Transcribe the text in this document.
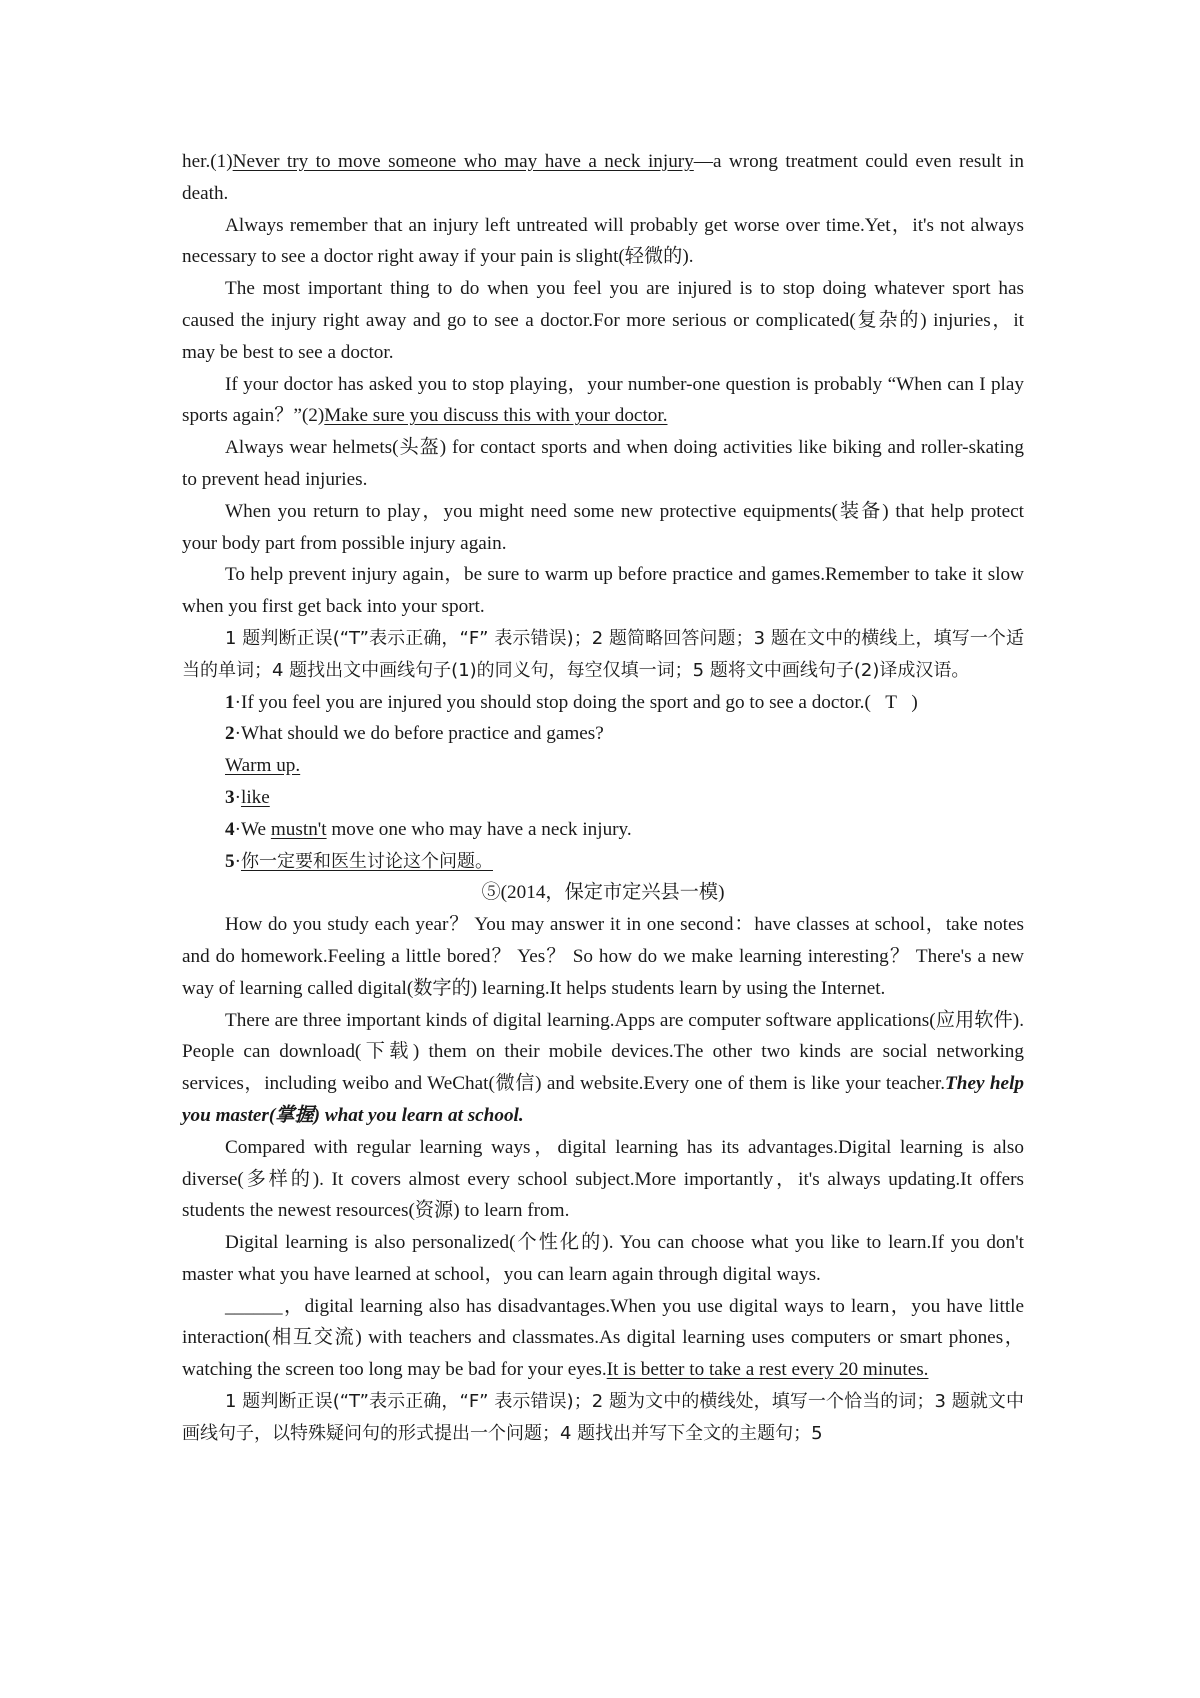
her.(1)Never try to move someone who may have a neck injury—a wrong treatment could even result in death.

Always remember that an injury left untreated will probably get worse over time.Yet，it's not always necessary to see a doctor right away if your pain is slight(轻微的).

The most important thing to do when you feel you are injured is to stop doing whatever sport has caused the injury right away and go to see a doctor.For more serious or complicated(复杂的) injuries，it may be best to see a doctor.

If your doctor has asked you to stop playing，your number-one question is probably “When can I play sports again？”(2)Make sure you discuss this with your doctor.

Always wear helmets(头盔) for contact sports and when doing activities like biking and roller-skating to prevent head injuries.

When you return to play，you might need some new protective equipments(装备) that help protect your body part from possible injury again.

To help prevent injury again，be sure to warm up before practice and games.Remember to take it slow when you first get back into your sport.

1 题判断正误(“T”表示正确，“F” 表示错误)；2 题简略回答问题；3 题在文中的横线上，填写一个适当的单词；4 题找出文中画线句子(1)的同义句，每空仅填一词；5 题将文中画线句子(2)译成汉语。

1·If you feel you are injured you should stop doing the sport and go to see a doctor.( T )

2·What should we do before practice and games?

Warm up.

3·like

4·We mustn't move one who may have a neck injury.

5·你一定要和医生讨论这个问题。

⑤(2014，保定市定兴县一模)

How do you study each year？ You may answer it in one second：have classes at school，take notes and do homework.Feeling a little bored？ Yes？ So how do we make learning interesting？ There's a new way of learning called digital(数字的) learning.It helps students learn by using the Internet.

There are three important kinds of digital learning.Apps are computer software applications(应用软件). People can download(下载) them on their mobile devices.The other two kinds are social networking services，including weibo and WeChat(微信) and website.Every one of them is like your teacher.They help you master(掌握) what you learn at school.

Compared with regular learning ways，digital learning has its advantages.Digital learning is also diverse(多样的). It covers almost every school subject.More importantly，it's always updating.It offers students the newest resources(资源) to learn from.

Digital learning is also personalized(个性化的). You can choose what you like to learn.If you don't master what you have learned at school，you can learn again through digital ways.

______，digital learning also has disadvantages.When you use digital ways to learn，you have little interaction(相互交流) with teachers and classmates.As digital learning uses computers or smart phones，watching the screen too long may be bad for your eyes.It is better to take a rest every 20 minutes.

1 题判断正误(“T”表示正确，“F” 表示错误)；2 题为文中的横线处，填写一个恰当的词；3 题就文中画线句子，以特殊疑问句的形式提出一个问题；4 题找出并写下全文的主题句；5
